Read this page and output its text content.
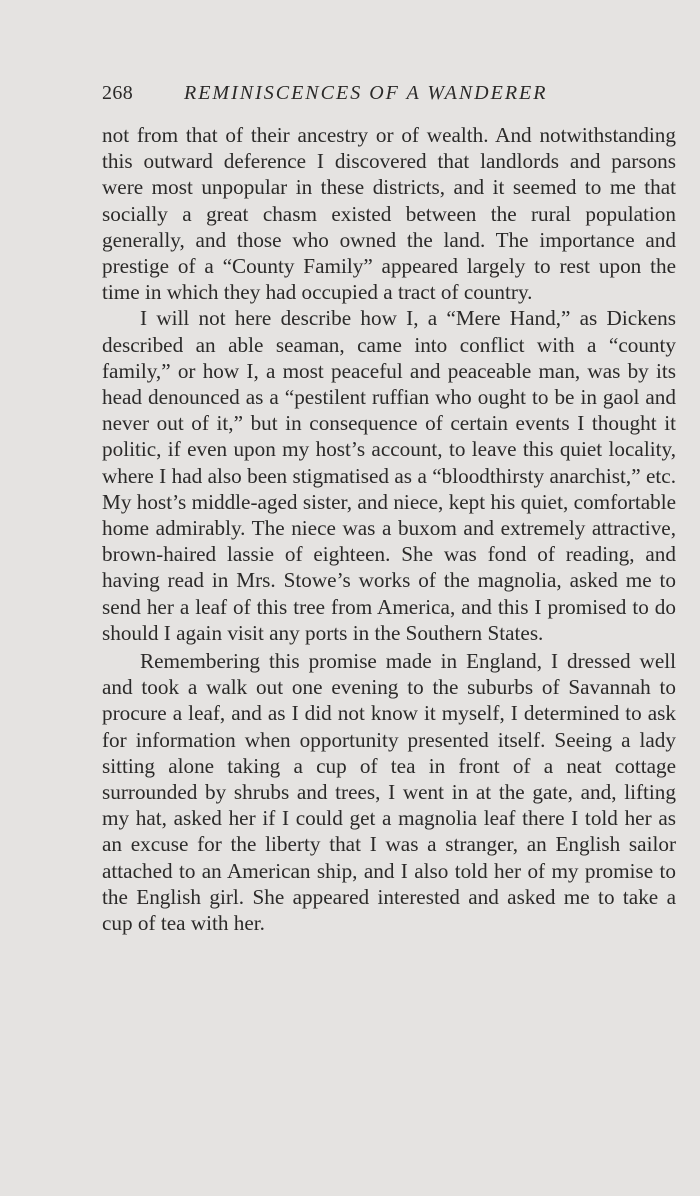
268	REMINISCENCES OF A WANDERER

not from that of their ancestry or of wealth. And notwithstanding this outward deference I discovered that landlords and parsons were most unpopular in these districts, and it seemed to me that socially a great chasm existed between the rural population generally, and those who owned the land. The importance and prestige of a “County Family” appeared largely to rest upon the time in which they had occupied a tract of country.

I will not here describe how I, a “Mere Hand,” as Dickens described an able seaman, came into conflict with a “county family,” or how I, a most peaceful and peaceable man, was by its head denounced as a “pestilent ruffian who ought to be in gaol and never out of it,” but in consequence of certain events I thought it politic, if even upon my host’s account, to leave this quiet locality, where I had also been stigmatised as a “bloodthirsty anarchist,” etc. My host’s middle-aged sister, and niece, kept his quiet, comfortable home admirably. The niece was a buxom and extremely attractive, brown-haired lassie of eighteen. She was fond of reading, and having read in Mrs. Stowe’s works of the magnolia, asked me to send her a leaf of this tree from America, and this I promised to do should I again visit any ports in the Southern States.

Remembering this promise made in England, I dressed well and took a walk out one evening to the suburbs of Savannah to procure a leaf, and as I did not know it myself, I determined to ask for information when opportunity presented itself. Seeing a lady sitting alone taking a cup of tea in front of a neat cottage surrounded by shrubs and trees, I went in at the gate, and, lifting my hat, asked her if I could get a magnolia leaf there I told her as an excuse for the liberty that I was a stranger, an English sailor attached to an American ship, and I also told her of my promise to the English girl. She appeared interested and asked me to take a cup of tea with her.
